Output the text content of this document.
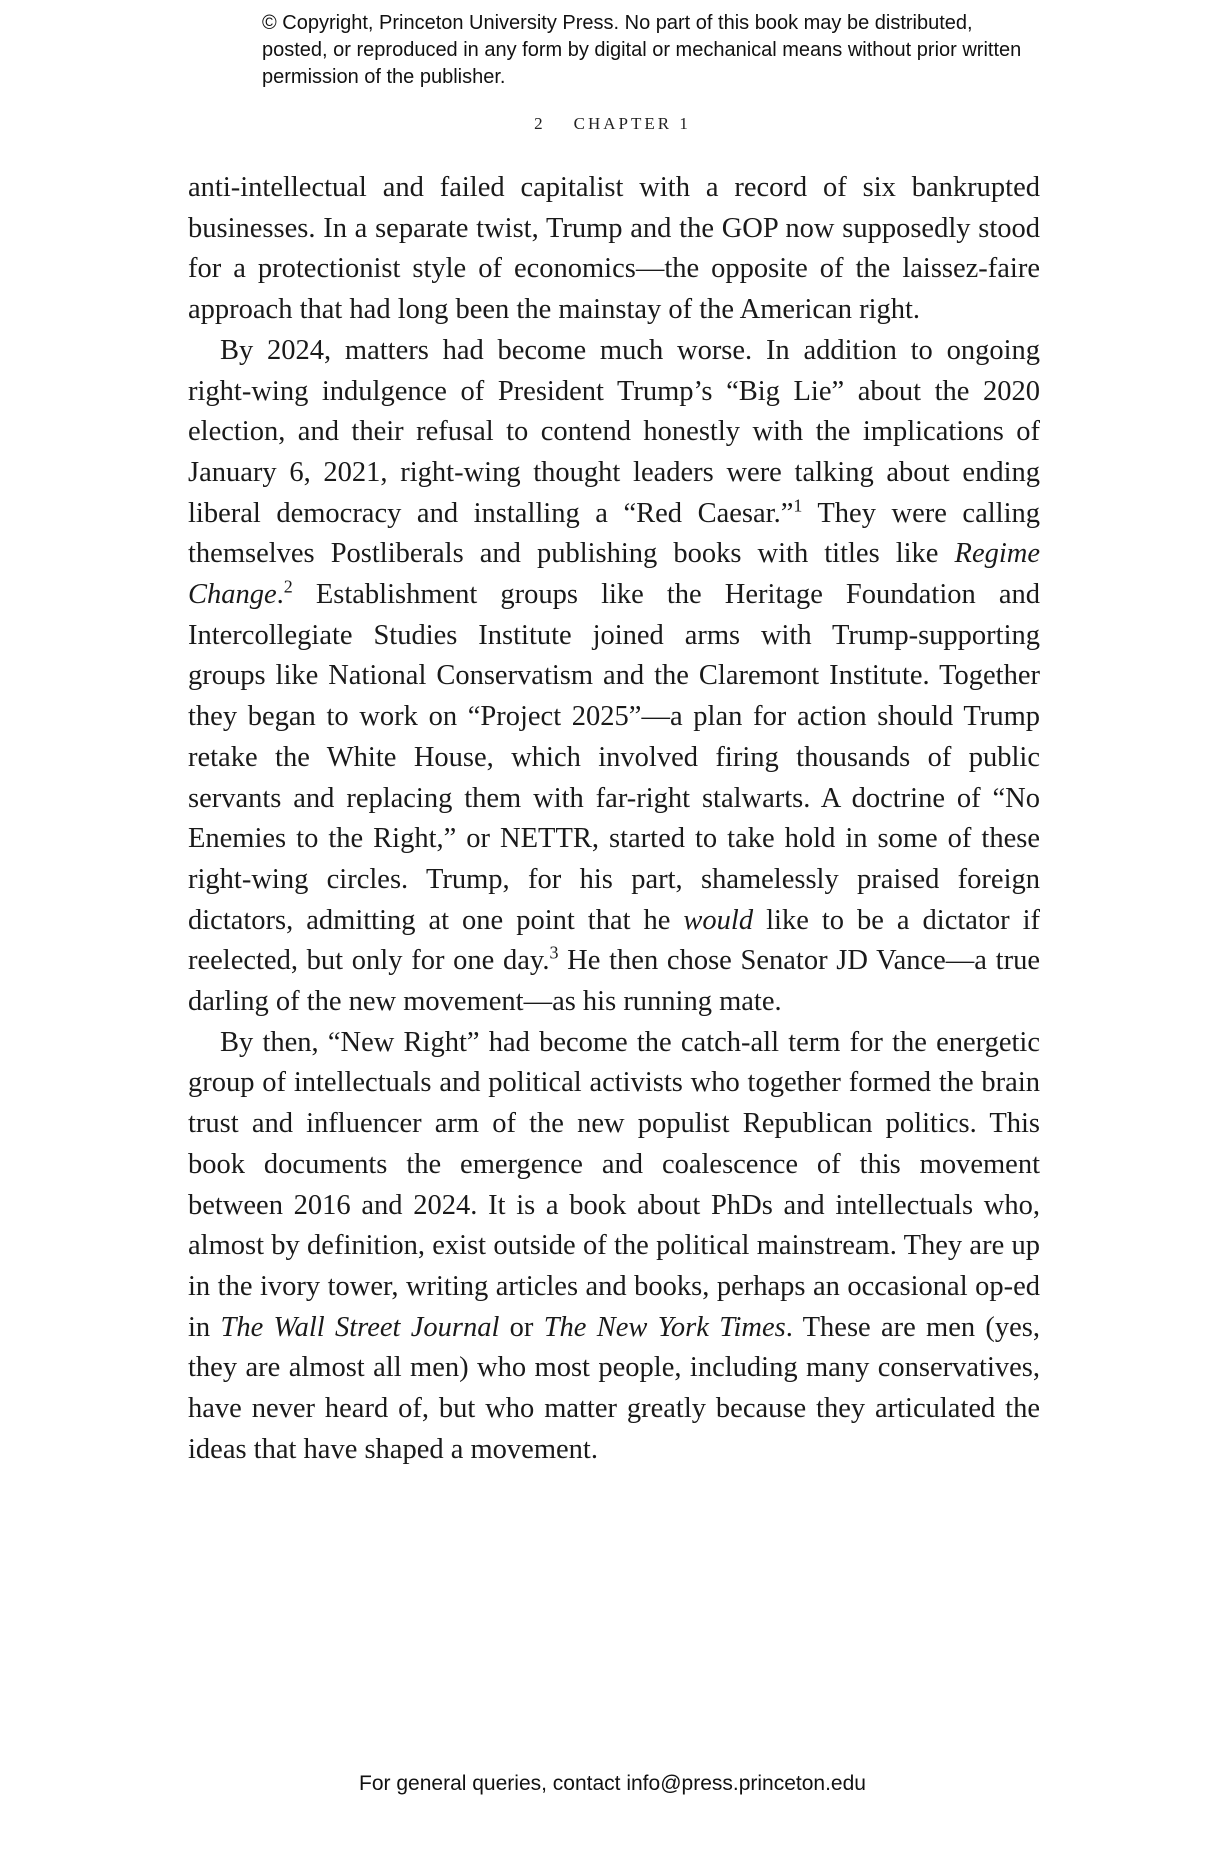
© Copyright, Princeton University Press. No part of this book may be distributed, posted, or reproduced in any form by digital or mechanical means without prior written permission of the publisher.
2 CHAPTER 1

anti-intellectual and failed capitalist with a record of six bankrupted businesses. In a separate twist, Trump and the GOP now supposedly stood for a protectionist style of economics—the opposite of the laissez-faire approach that had long been the mainstay of the American right.

By 2024, matters had become much worse. In addition to ongoing right-wing indulgence of President Trump’s “Big Lie” about the 2020 election, and their refusal to contend honestly with the implications of January 6, 2021, right-wing thought leaders were talking about ending liberal democracy and installing a “Red Caesar.”$^1$ They were calling themselves Postliberals and publishing books with titles like Regime Change.$^2$ Establishment groups like the Heritage Foundation and Intercollegiate Studies Institute joined arms with Trump-supporting groups like National Conservatism and the Claremont Institute. Together they began to work on “Project 2025”—a plan for action should Trump retake the White House, which involved firing thousands of public servants and replacing them with far-right stalwarts. A doctrine of “No Enemies to the Right,” or NETTR, started to take hold in some of these right-wing circles. Trump, for his part, shamelessly praised foreign dictators, admitting at one point that he would like to be a dictator if reelected, but only for one day.$^3$ He then chose Senator JD Vance—a true darling of the new movement—as his running mate.

By then, “New Right” had become the catch-all term for the energetic group of intellectuals and political activists who together formed the brain trust and influencer arm of the new populist Republican politics. This book documents the emergence and coalescence of this movement between 2016 and 2024. It is a book about PhDs and intellectuals who, almost by definition, exist outside of the political mainstream. They are up in the ivory tower, writing articles and books, perhaps an occasional op-ed in The Wall Street Journal or The New York Times. These are men (yes, they are almost all men) who most people, including many conservatives, have never heard of, but who matter greatly because they articulated the ideas that have shaped a movement.

For general queries, contact info@press.princeton.edu
